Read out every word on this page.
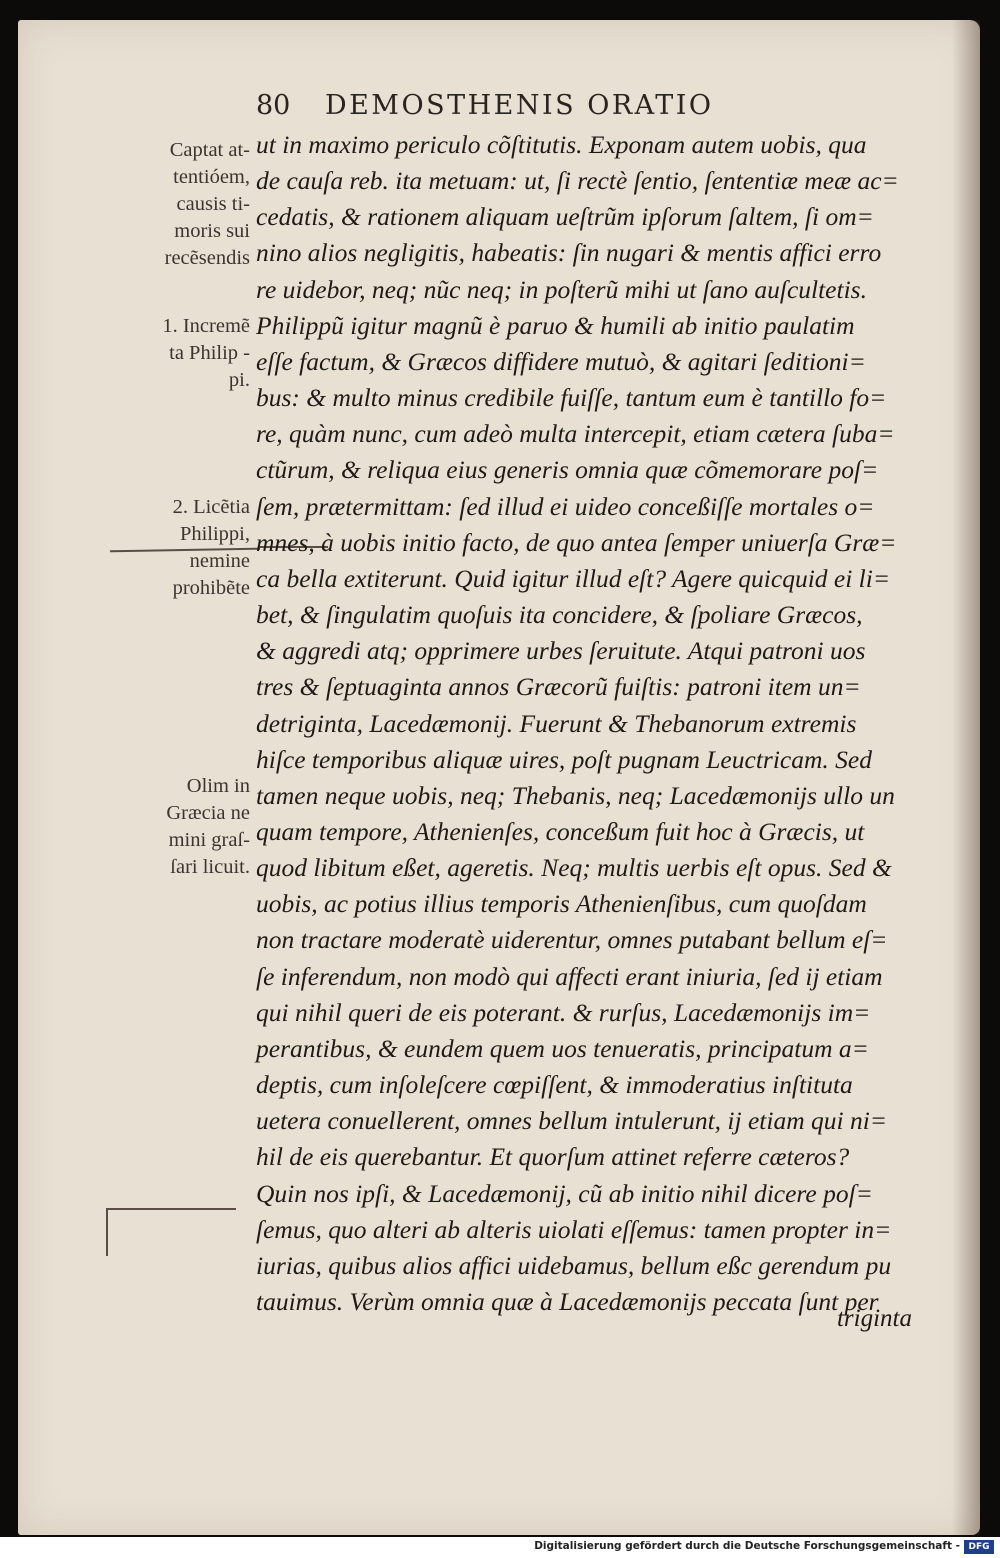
80 DEMOSTHENIS ORATIO
Captat at-
tentióem,
causis ti-
moris sui
recẽsendis
1. Incremẽ
ta Philip -
pi.
2. Licẽtia
Philippi,
nemine
prohibẽte
Olim in
Græcia ne
mini graſ-
ſari licuit.
ut in maximo periculo cõſtitutis. Exponam autem uobis, qua
de cauſa reb. ita metuam: ut, ſi rectè ſentio, ſententiæ meæ ac=
cedatis, & rationem aliquam ueſtrũm ipſorum ſaltem, ſi om=
nino alios negligitis, habeatis: ſin nugari & mentis affici erro
re uidebor, neq; nũc neq; in poſterũ mihi ut ſano auſcultetis.
Philippũ igitur magnũ è paruo & humili ab initio paulatim
eſſe factum, & Græcos diffidere mutuò, & agitari ſeditioni=
bus: & multo minus credibile fuiſſe, tantum eum è tantillo fo=
re, quàm nunc, cum adeò multa intercepit, etiam cætera ſuba=
ctũrum, & reliqua eius generis omnia quæ cõmemorare poſ=
ſem, prætermittam: ſed illud ei uideo conceßiſſe mortales o=
mnes, à uobis initio facto, de quo antea ſemper uniuerſa Græ=
ca bella extiterunt. Quid igitur illud eſt? Agere quicquid ei li=
bet, & ſingulatim quoſuis ita concidere, & ſpoliare Græcos,
& aggredi atq; opprimere urbes ſeruitute. Atqui patroni uos
tres & ſeptuaginta annos Græcorũ fuiſtis: patroni item un=
detriginta, Lacedæmonij. Fuerunt & Thebanorum extremis
hiſce temporibus aliquæ uires, poſt pugnam Leuctricam. Sed
tamen neque uobis, neq; Thebanis, neq; Lacedæmonijs ullo un
quam tempore, Athenienſes, conceßum fuit hoc à Græcis, ut
quod libitum eßet, ageretis. Neq; multis uerbis eſt opus. Sed &
uobis, ac potius illius temporis Athenienſibus, cum quoſdam
non tractare moderatè uiderentur, omnes putabant bellum eſ=
ſe inferendum, non modò qui affecti erant iniuria, ſed ij etiam
qui nihil queri de eis poterant. & rurſus, Lacedæmonijs im=
perantibus, & eundem quem uos tenueratis, principatum a=
deptis, cum inſoleſcere cœpiſſent, & immoderatius inſtituta
uetera conuellerent, omnes bellum intulerunt, ij etiam qui ni=
hil de eis querebantur. Et quorſum attinet referre cæteros?
Quin nos ipſi, & Lacedæmonij, cũ ab initio nihil dicere poſ=
ſemus, quo alteri ab alteris uiolati eſſemus: tamen propter in=
iurias, quibus alios affici uidebamus, bellum eßc gerendum pu
tauimus. Verùm omnia quæ à Lacedæmonijs peccata ſunt per
triginta
Digitalisierung gefördert durch die Deutsche Forschungsgemeinschaft - DFG
